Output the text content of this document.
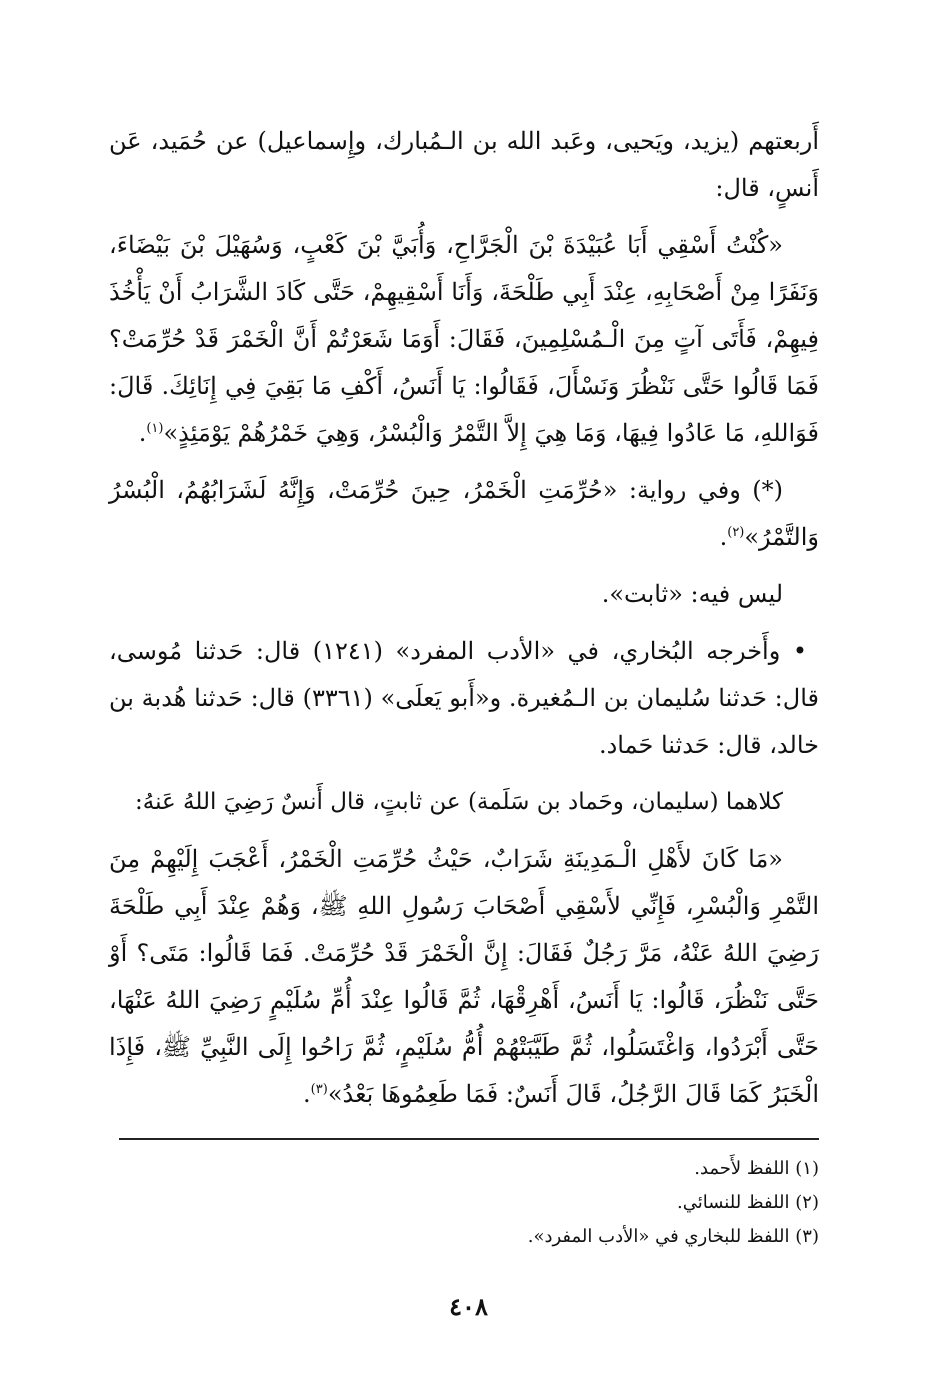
أَربعتهم (يزيد، ويَحيى، وعَبد الله بن الـمُبارك، وإِسماعيل) عن حُمَيد، عَن أَنسٍ، قال:

«كُنْتُ أَسْقِي أَبَا عُبَيْدَةَ بْنَ الْجَرَّاحِ، وَأُبَيَّ بْنَ كَعْبٍ، وَسُهَيْلَ بْنَ بَيْضَاءَ، وَنَفَرًا مِنْ أَصْحَابِهِ، عِنْدَ أَبِي طَلْحَةَ، وَأَنَا أَسْقِيهِمْ، حَتَّى كَادَ الشَّرَابُ أَنْ يَأْخُذَ فِيهِمْ، فَأَتَى آتٍ مِنَ الْـمُسْلِمِينَ، فَقَالَ: أَوَمَا شَعَرْتُمْ أَنَّ الْخَمْرَ قَدْ حُرِّمَتْ؟ فَمَا قَالُوا حَتَّى نَنْظُرَ وَنَسْأَلَ، فَقَالُوا: يَا أَنَسُ، أَكْفِ مَا بَقِيَ فِي إِنَائِكَ. قَالَ: فَوَاللهِ، مَا عَادُوا فِيهَا، وَمَا هِيَ إِلاَّ التَّمْرُ وَالْبُسْرُ، وَهِيَ خَمْرُهُمْ يَوْمَئِذٍ»$^{(١)}$.

(*) وفي رواية: «حُرِّمَتِ الْخَمْرُ، حِينَ حُرِّمَتْ، وَإِنَّهُ لَشَرَابُهُمُ، الْبُسْرُ وَالتَّمْرُ»$^{(٢)}$.

ليس فيه: «ثابت».

• وأَخرجه البُخاري، في «الأدب المفرد» (١٢٤١) قال: حَدثنا مُوسى، قال: حَدثنا سُليمان بن الـمُغيرة. و«أَبو يَعلَى» (٣٣٦١) قال: حَدثنا هُدبة بن خالد، قال: حَدثنا حَماد.

كلاهما (سليمان، وحَماد بن سَلَمة) عن ثابتٍ، قال أَنسٌ رَضِيَ اللهُ عَنهُ:

«مَا كَانَ لأَهْلِ الْـمَدِينَةِ شَرَابٌ، حَيْثُ حُرِّمَتِ الْخَمْرُ، أَعْجَبَ إِلَيْهِمْ مِنَ التَّمْرِ وَالْبُسْرِ، فَإِنِّي لأَسْقِي أَصْحَابَ رَسُولِ اللهِ ﷺ، وَهُمْ عِنْدَ أَبِي طَلْحَةَ رَضِيَ اللهُ عَنْهُ، مَرَّ رَجُلٌ فَقَالَ: إِنَّ الْخَمْرَ قَدْ حُرِّمَتْ. فَمَا قَالُوا: مَتَى؟ أَوْ حَتَّى نَنْظُرَ، قَالُوا: يَا أَنَسُ، أَهْرِقْهَا، ثُمَّ قَالُوا عِنْدَ أُمِّ سُلَيْمٍ رَضِيَ اللهُ عَنْهَا، حَتَّى أَبْرَدُوا، وَاغْتَسَلُوا، ثُمَّ طَيَّبَتْهُمْ أُمُّ سُلَيْمٍ، ثُمَّ رَاحُوا إِلَى النَّبِيِّ ﷺ، فَإِذَا الْخَبَرُ كَمَا قَالَ الرَّجُلُ، قَالَ أَنَسٌ: فَمَا طَعِمُوهَا بَعْدُ»$^{(٣)}$.

(١) اللفظ لأَحمد.
(٢) اللفظ للنسائي.
(٣) اللفظ للبخاري في «الأدب المفرد».
٤٠٨
